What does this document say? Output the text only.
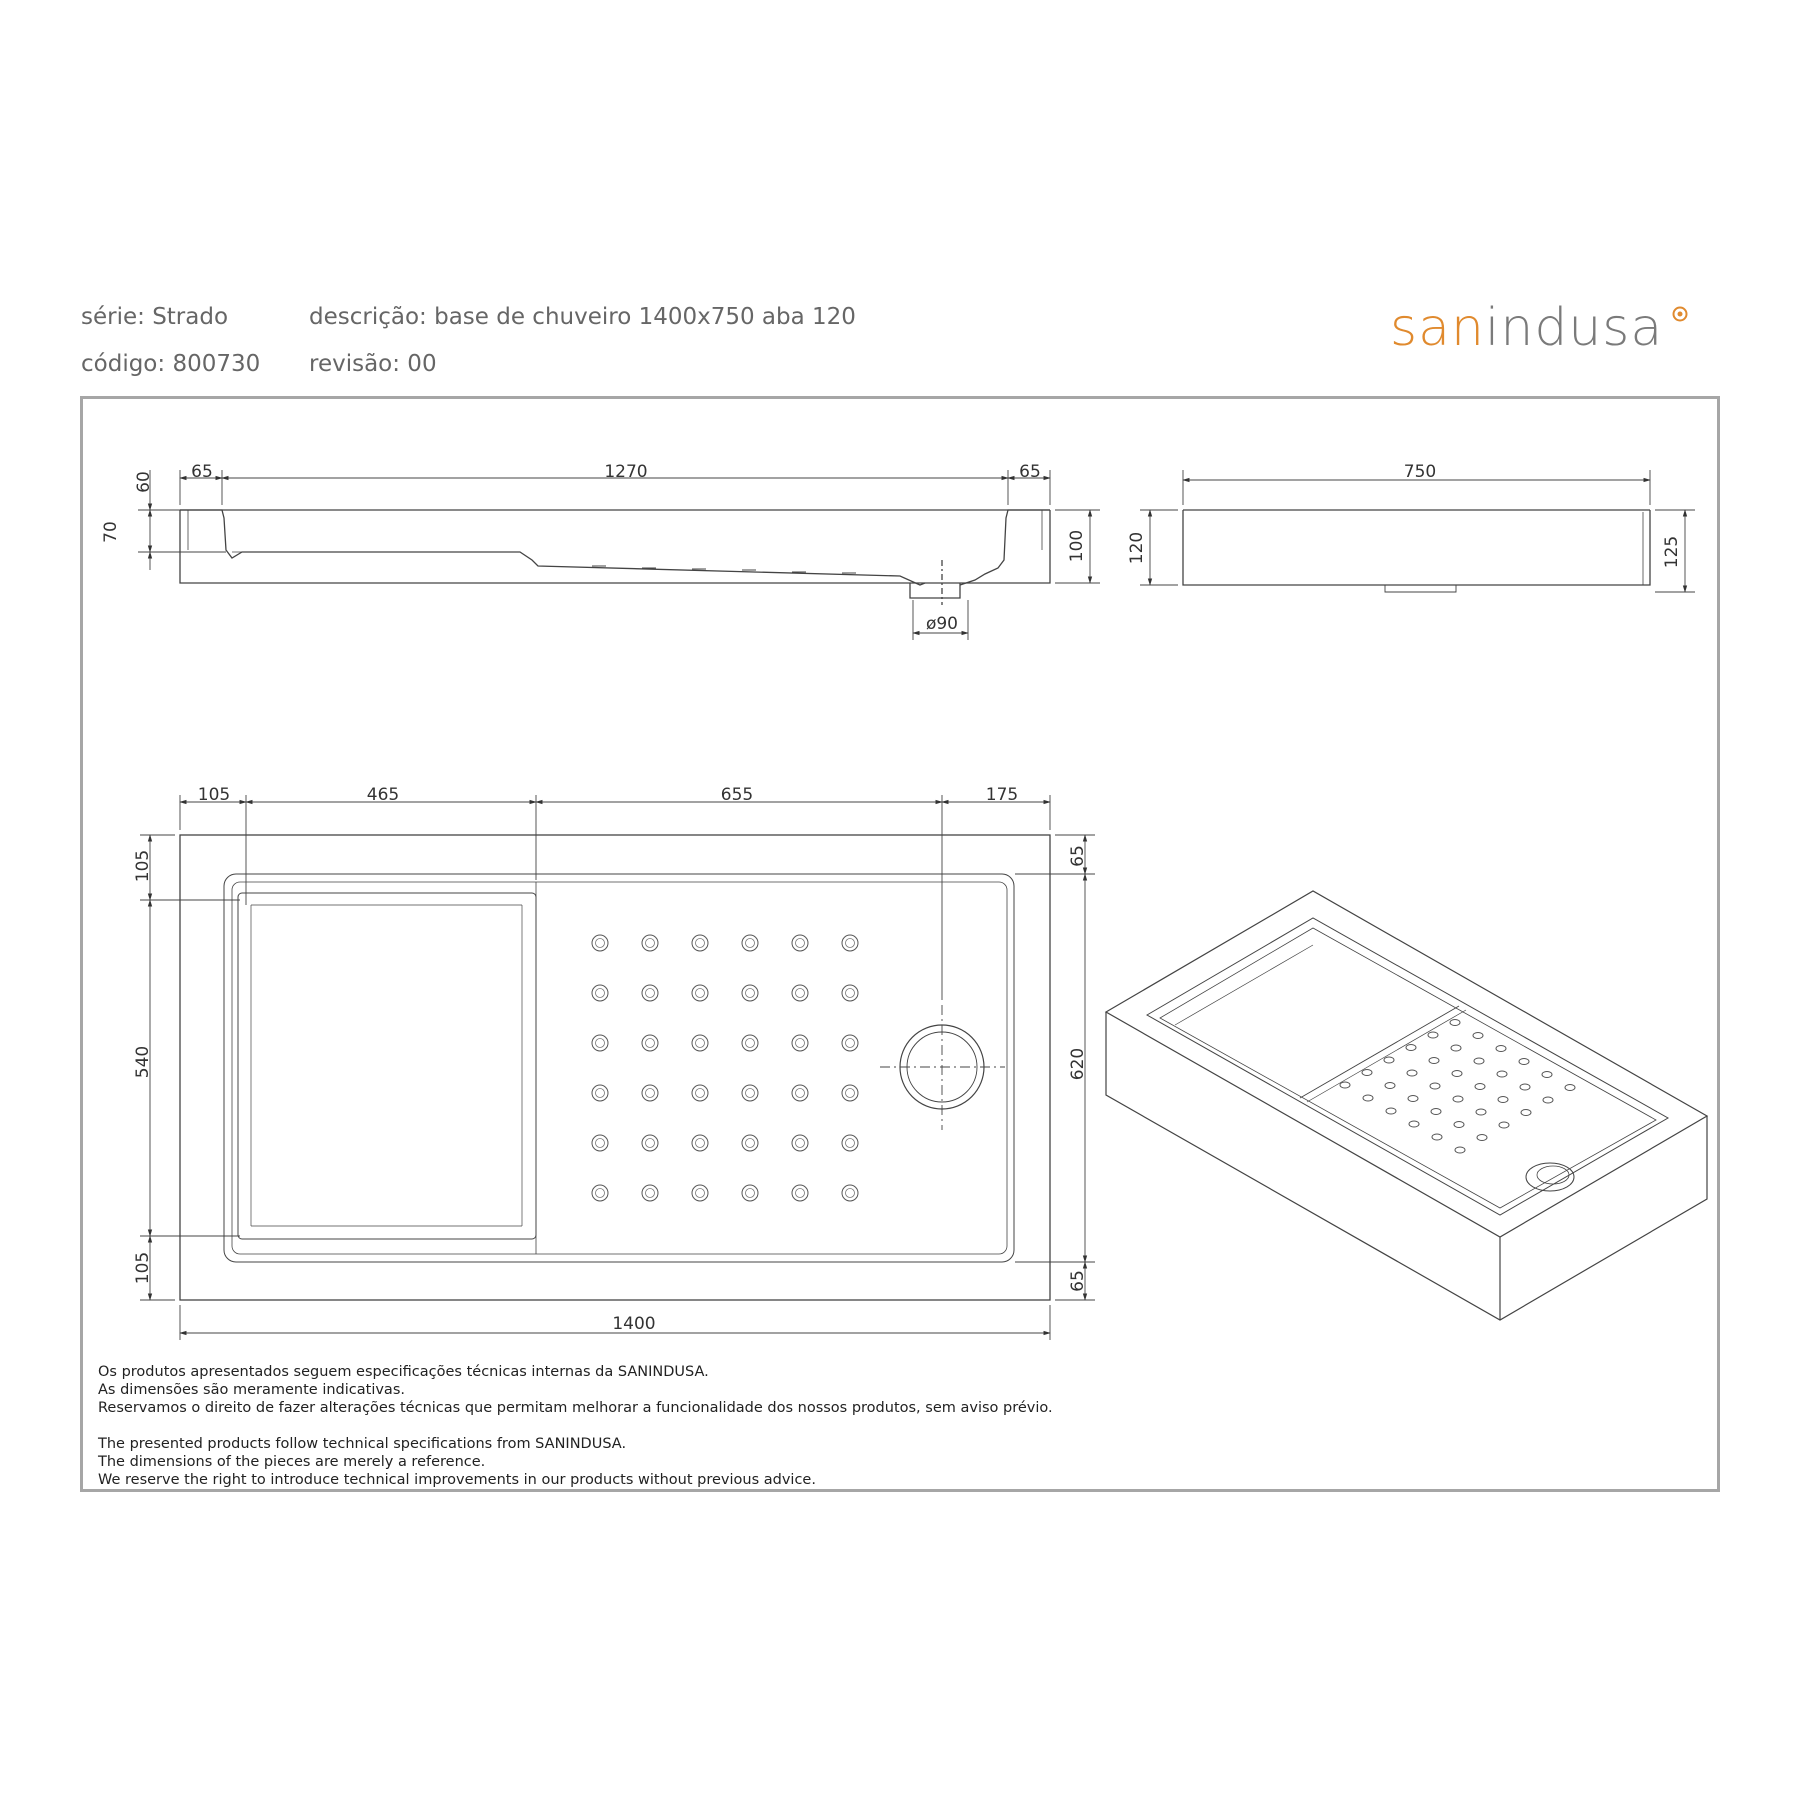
série: Strado	descrição: base de chuveiro 1400x750 aba 120
código: 800730 revisão: 00
sanindusa
60
70
65	1270	65
100
ø90
750
120	125
105	465	655	175
105
540
105
65
620
65
1400
Os produtos apresentados seguem especificações técnicas internas da SANINDUSA.
As dimensões são meramente indicativas.
Reservamos o direito de fazer alterações técnicas que permitam melhorar a funcionalidade dos nossos produtos, sem aviso prévio.
The presented products follow technical specifications from SANINDUSA.
The dimensions of the pieces are merely a reference.
We reserve the right to introduce technical improvements in our products without previous advice.
